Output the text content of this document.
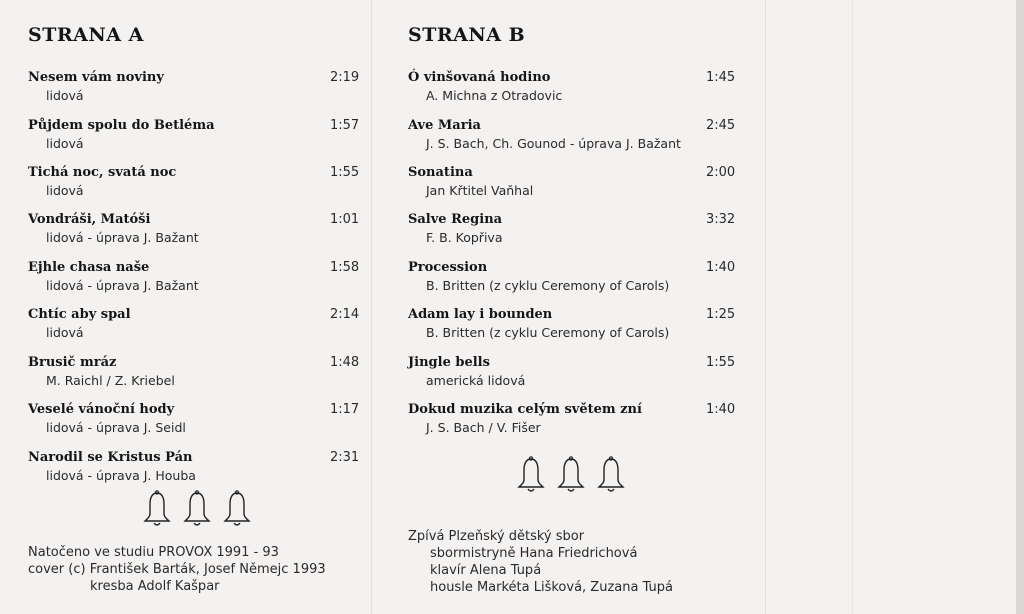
STRANA A
Nesem vám noviny	2:19
lidová
Půjdem spolu do Betléma	1:57
lidová
Tichá noc, svatá noc	1:55
lidová
Vondráši, Matóši	1:01
lidová - úprava J. Bažant
Ejhle chasa naše	1:58
lidová - úprava J. Bažant
Chtíc aby spal	2:14
lidová
Brusič mráz	1:48
M. Raichl / Z. Kriebel
Veselé vánoční hody	1:17
lidová - úprava J. Seidl
Narodil se Kristus Pán	2:31
lidová - úprava J. Houba
Natočeno ve studiu PROVOX 1991 - 93
cover (c) František Barták, Josef Němejc 1993
kresba Adolf Kašpar
STRANA B
Ó vinšovaná hodino	1:45
A. Michna z Otradovic
Ave Maria	2:45
J. S. Bach, Ch. Gounod - úprava J. Bažant
Sonatina	2:00
Jan Křtitel Vaňhal
Salve Regina	3:32
F. B. Kopřiva
Procession	1:40
B. Britten (z cyklu Ceremony of Carols)
Adam lay i bounden	1:25
B. Britten (z cyklu Ceremony of Carols)
Jingle bells	1:55
americká lidová
Dokud muzika celým světem zní	1:40
J. S. Bach / V. Fišer
Zpívá Plzeňský dětský sbor
sbormistryně Hana Friedrichová
klavír Alena Tupá
housle Markéta Lišková, Zuzana Tupá
